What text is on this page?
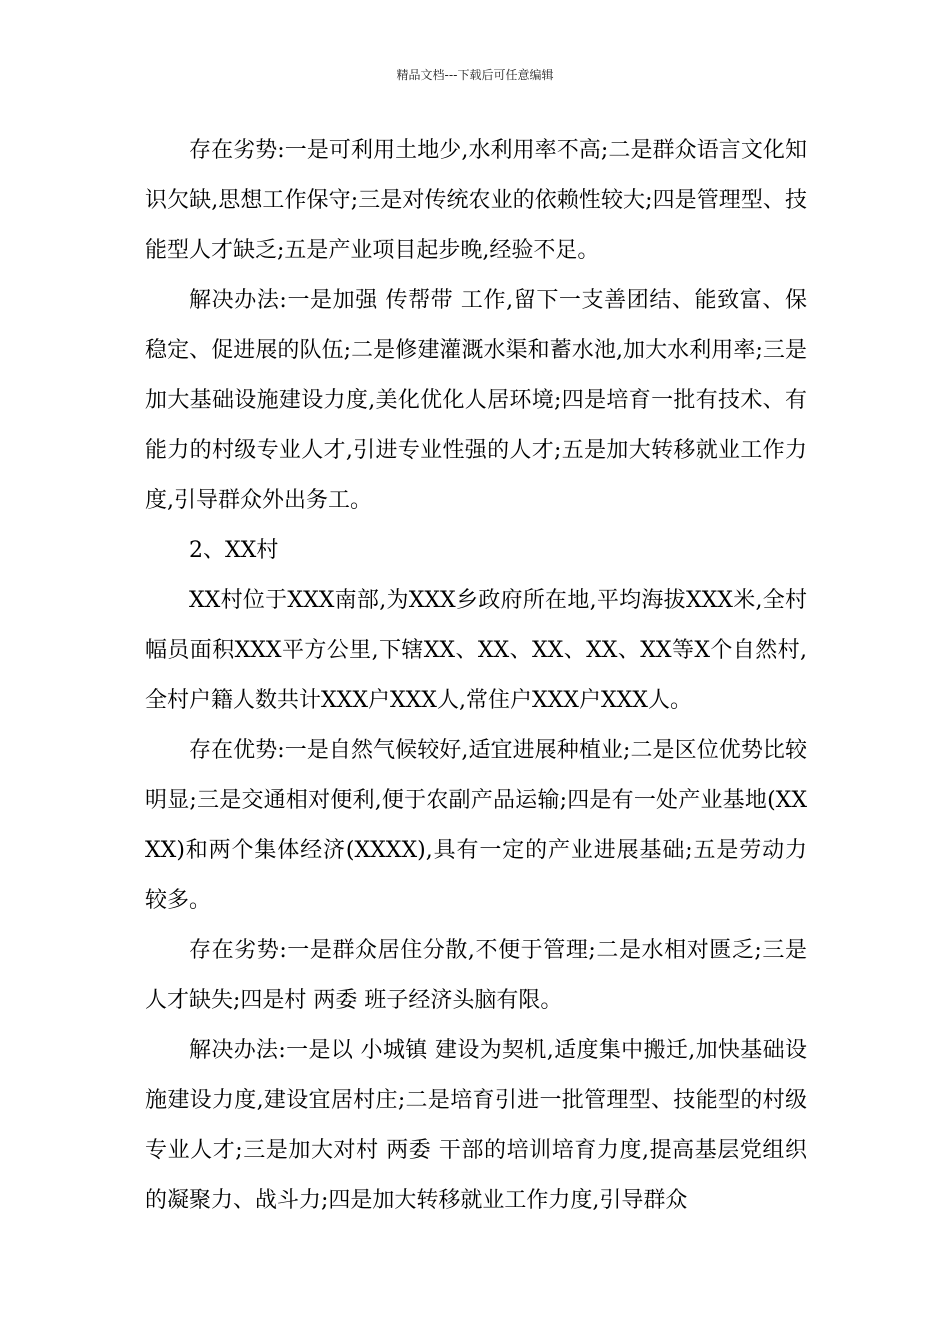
精品文档---下载后可任意编辑

存在劣势:一是可利用土地少,水利用率不高;二是群众语言文化知识欠缺,思想工作保守;三是对传统农业的依赖性较大;四是管理型、技能型人才缺乏;五是产业项目起步晚,经验不足。

解决办法:一是加强 传帮带 工作,留下一支善团结、能致富、保稳定、促进展的队伍;二是修建灌溉水渠和蓄水池,加大水利用率;三是加大基础设施建设力度,美化优化人居环境;四是培育一批有技术、有能力的村级专业人才,引进专业性强的人才;五是加大转移就业工作力度,引导群众外出务工。

2、XX村

XX村位于XXX南部,为XXX乡政府所在地,平均海拔XXX米,全村幅员面积XXX平方公里,下辖XX、XX、XX、XX、XX等X个自然村,全村户籍人数共计XXX户XXX人,常住户XXX户XXX人。

存在优势:一是自然气候较好,适宜进展种植业;二是区位优势比较明显;三是交通相对便利,便于农副产品运输;四是有一处产业基地(XXXX)和两个集体经济(XXXX),具有一定的产业进展基础;五是劳动力较多。

存在劣势:一是群众居住分散,不便于管理;二是水相对匮乏;三是人才缺失;四是村 两委 班子经济头脑有限。

解决办法:一是以 小城镇 建设为契机,适度集中搬迁,加快基础设施建设力度,建设宜居村庄;二是培育引进一批管理型、技能型的村级专业人才;三是加大对村 两委 干部的培训培育力度,提高基层党组织的凝聚力、战斗力;四是加大转移就业工作力度,引导群众
